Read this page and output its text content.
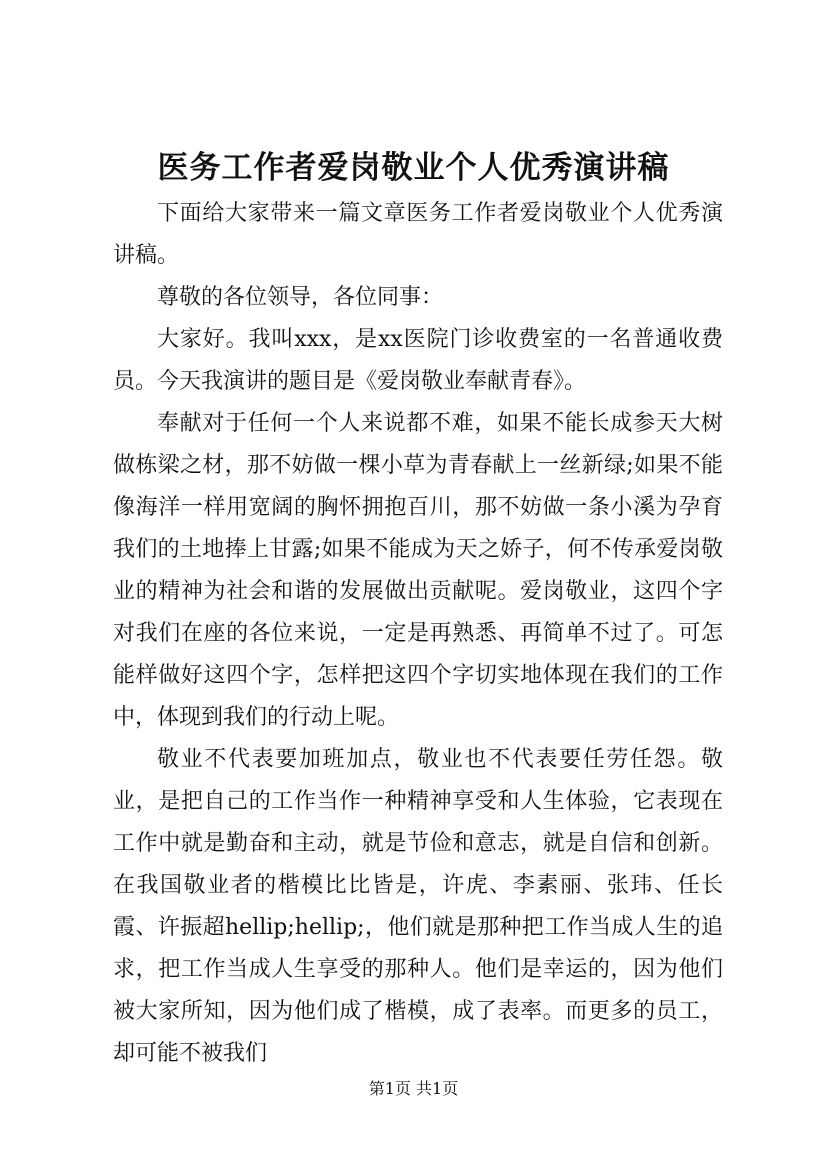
医务工作者爱岗敬业个人优秀演讲稿

下面给大家带来一篇文章医务工作者爱岗敬业个人优秀演讲稿。

尊敬的各位领导，各位同事：

大家好。我叫xxx，是xx医院门诊收费室的一名普通收费员。今天我演讲的题目是《爱岗敬业奉献青春》。

奉献对于任何一个人来说都不难，如果不能长成参天大树做栋梁之材，那不妨做一棵小草为青春献上一丝新绿;如果不能像海洋一样用宽阔的胸怀拥抱百川，那不妨做一条小溪为孕育我们的土地捧上甘露;如果不能成为天之娇子，何不传承爱岗敬业的精神为社会和谐的发展做出贡献呢。爱岗敬业，这四个字对我们在座的各位来说，一定是再熟悉、再简单不过了。可怎能样做好这四个字，怎样把这四个字切实地体现在我们的工作中，体现到我们的行动上呢。

敬业不代表要加班加点，敬业也不代表要任劳任怨。敬业，是把自己的工作当作一种精神享受和人生体验，它表现在工作中就是勤奋和主动，就是节俭和意志，就是自信和创新。在我国敬业者的楷模比比皆是，许虎、李素丽、张玮、任长霞、许振超hellip;hellip;，他们就是那种把工作当成人生的追求，把工作当成人生享受的那种人。他们是幸运的，因为他们被大家所知，因为他们成了楷模，成了表率。而更多的员工，却可能不被我们

第1页 共1页
